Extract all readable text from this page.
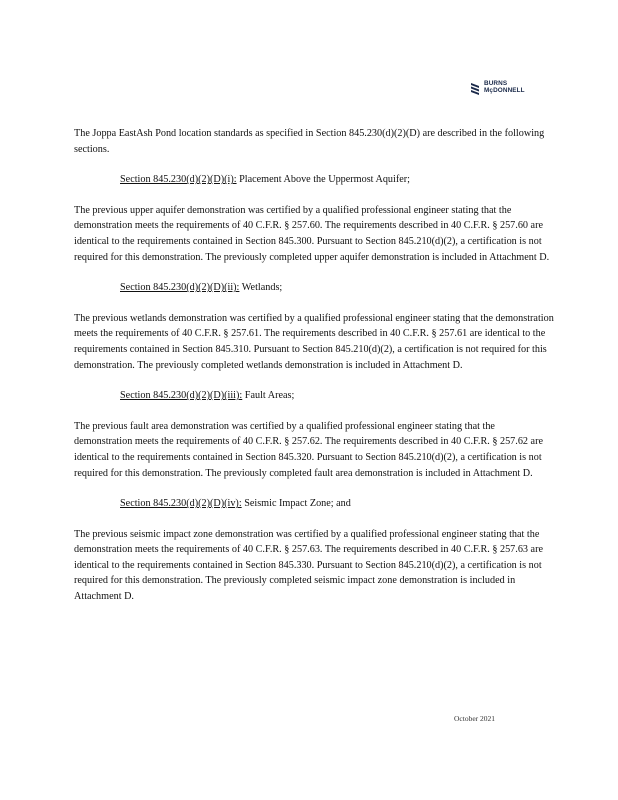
BURNS
MçDONNELL

The Joppa EastAsh Pond location standards as specified in Section 845.230(d)(2)(D) are described in the following sections.

Section 845.230(d)(2)(D)(i): Placement Above the Uppermost Aquifer;

The previous upper aquifer demonstration was certified by a qualified professional engineer stating that the demonstration meets the requirements of 40 C.F.R. § 257.60. The requirements described in 40 C.F.R. § 257.60 are identical to the requirements contained in Section 845.300. Pursuant to Section 845.210(d)(2), a certification is not required for this demonstration. The previously completed upper aquifer demonstration is included in Attachment D.

Section 845.230(d)(2)(D)(ii): Wetlands;

The previous wetlands demonstration was certified by a qualified professional engineer stating that the demonstration meets the requirements of 40 C.F.R. § 257.61. The requirements described in 40 C.F.R. § 257.61 are identical to the requirements contained in Section 845.310. Pursuant to Section 845.210(d)(2), a certification is not required for this demonstration. The previously completed wetlands demonstration is included in Attachment D.

Section 845.230(d)(2)(D)(iii): Fault Areas;

The previous fault area demonstration was certified by a qualified professional engineer stating that the demonstration meets the requirements of 40 C.F.R. § 257.62. The requirements described in 40 C.F.R. § 257.62 are identical to the requirements contained in Section 845.320. Pursuant to Section 845.210(d)(2), a certification is not required for this demonstration. The previously completed fault area demonstration is included in Attachment D.

Section 845.230(d)(2)(D)(iv): Seismic Impact Zone; and

The previous seismic impact zone demonstration was certified by a qualified professional engineer stating that the demonstration meets the requirements of 40 C.F.R. § 257.63. The requirements described in 40 C.F.R. § 257.63 are identical to the requirements contained in Section 845.330. Pursuant to Section 845.210(d)(2), a certification is not required for this demonstration. The previously completed seismic impact zone demonstration is included in Attachment D.

October 2021
